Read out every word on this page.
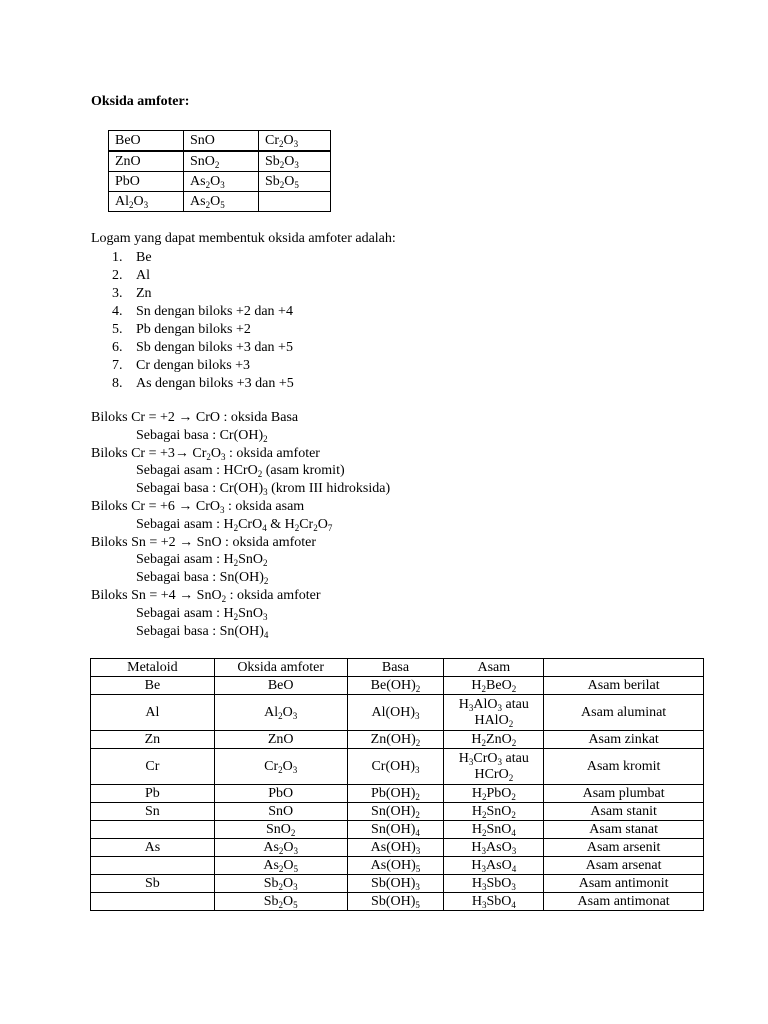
Oksida amfoter:
BeO	SnO	$Cr_2O_3$
ZnO	SnO$_2$	$Sb_2O_3$
PbO	$As_2O_3$	$Sb_2O_5$
$Al_2O_3$	$As_2O_5$	
Logam yang dapat membentuk oksida amfoter adalah:
1. Be
2. Al
3. Zn
4. Sn dengan biloks +2 dan +4
5. Pb dengan biloks +2
6. Sb dengan biloks +3 dan +5
7. Cr dengan biloks +3
8. As dengan biloks +3 dan +5
Biloks Cr = +2 → CrO : oksida Basa
Sebagai basa : $Cr(OH)_2$
Biloks $Cr = +3\to Cr_2O_3$ : oksida amfoter
Sebagai asam : HCrO$_2$ (asam kromit)
Sebagai basa : $Cr(OH)_3$ (krom III hidroksida)
Biloks Cr = +6 → CrO$_3$ : oksida asam
Sebagai asam : $H_2CrO_4$ & $H_2Cr_2O_7$
Biloks Sn = +2 → SnO : oksida amfoter
Sebagai asam : $H_2SnO_2$
Sebagai basa : $Sn(OH)_2$
Biloks Sn = +4 → SnO$_2$ : oksida amfoter
Sebagai asam : $H_2SnO_3$
Sebagai basa : $Sn(OH)_4$
Metaloid	Oksida amfoter	Basa	Asam	
Be	BeO	$Be(OH)_2$	$H_2BeO_2$	Asam berilat
Al	$Al_2O_3$	$Al(OH)_3$	$H_3AlO_3$ atau
HAlO$_2$	Asam aluminat
Zn	ZnO	$Zn(OH)_2$	$H_2ZnO_2$	Asam zinkat
Cr	$Cr_2O_3$	$Cr(OH)_3$	$H_3CrO_3$ atau
HCrO$_2$	Asam kromit
Pb	PbO	$Pb(OH)_2$	$H_2PbO_2$	Asam plumbat
Sn	SnO	$Sn(OH)_2$	$H_2SnO_2$	Asam stanit
	SnO$_2$	$Sn(OH)_4$	$H_2SnO_4$	Asam stanat
As	$As_2O_3$	$As(OH)_3$	$H_3AsO_3$	Asam arsenit
	$As_2O_5$	$As(OH)_5$	$H_3AsO_4$	Asam arsenat
Sb	$Sb_2O_3$	$Sb(OH)_3$	$H_3SbO_3$	Asam antimonit
	$Sb_2O_5$	$Sb(OH)_5$	$H_3SbO_4$	Asam antimonat
